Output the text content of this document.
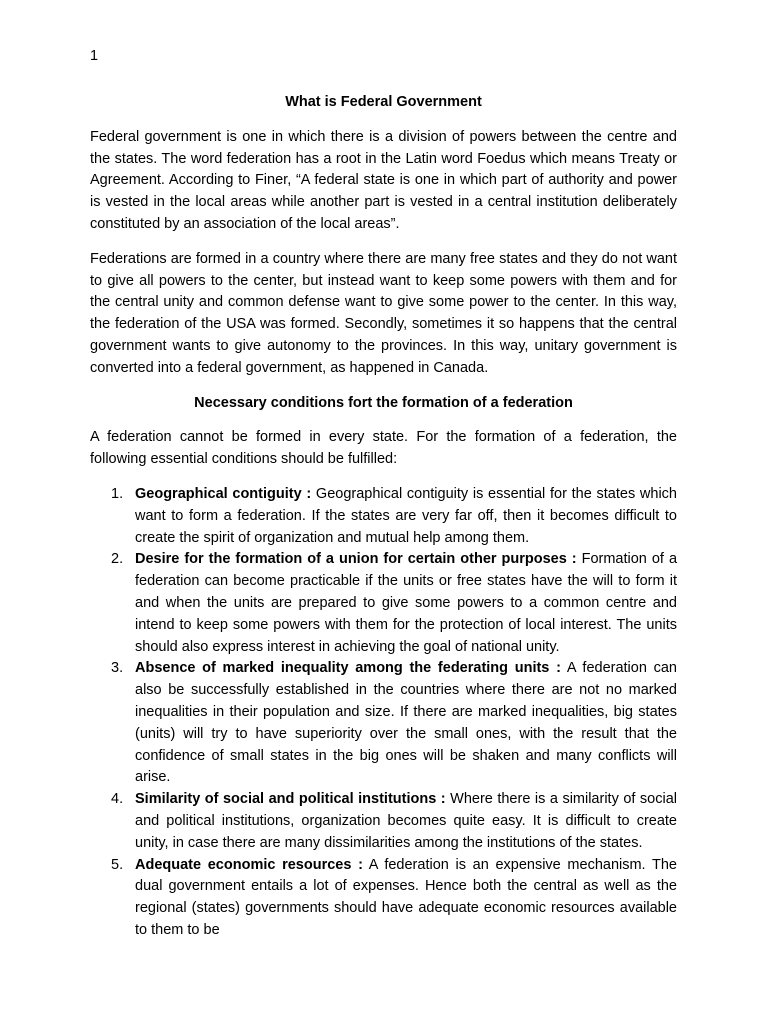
1
What is Federal Government

Federal government is one in which there is a division of powers between the centre and the states. The word federation has a root in the Latin word Foedus which means Treaty or Agreement. According to Finer, “A federal state is one in which part of authority and power is vested in the local areas while another part is vested in a central institution deliberately constituted by an association of the local areas”.

Federations are formed in a country where there are many free states and they do not want to give all powers to the center, but instead want to keep some powers with them and for the central unity and common defense want to give some power to the center. In this way, the federation of the USA was formed. Secondly, sometimes it so happens that the central government wants to give autonomy to the provinces. In this way, unitary government is converted into a federal government, as happened in Canada.

Necessary conditions fort the formation of a federation

A federation cannot be formed in every state. For the formation of a federation, the following essential conditions should be fulfilled:

1. Geographical contiguity : Geographical contiguity is essential for the states which want to form a federation. If the states are very far off, then it becomes difficult to create the spirit of organization and mutual help among them.
2. Desire for the formation of a union for certain other purposes : Formation of a federation can become practicable if the units or free states have the will to form it and when the units are prepared to give some powers to a common centre and intend to keep some powers with them for the protection of local interest. The units should also express interest in achieving the goal of national unity.
3. Absence of marked inequality among the federating units : A federation can also be successfully established in the countries where there are not no marked inequalities in their population and size. If there are marked inequalities, big states (units) will try to have superiority over the small ones, with the result that the confidence of small states in the big ones will be shaken and many conflicts will arise.
4. Similarity of social and political institutions : Where there is a similarity of social and political institutions, organization becomes quite easy. It is difficult to create unity, in case there are many dissimilarities among the institutions of the states.
5. Adequate economic resources : A federation is an expensive mechanism. The dual government entails a lot of expenses. Hence both the central as well as the regional (states) governments should have adequate economic resources available to them to be
